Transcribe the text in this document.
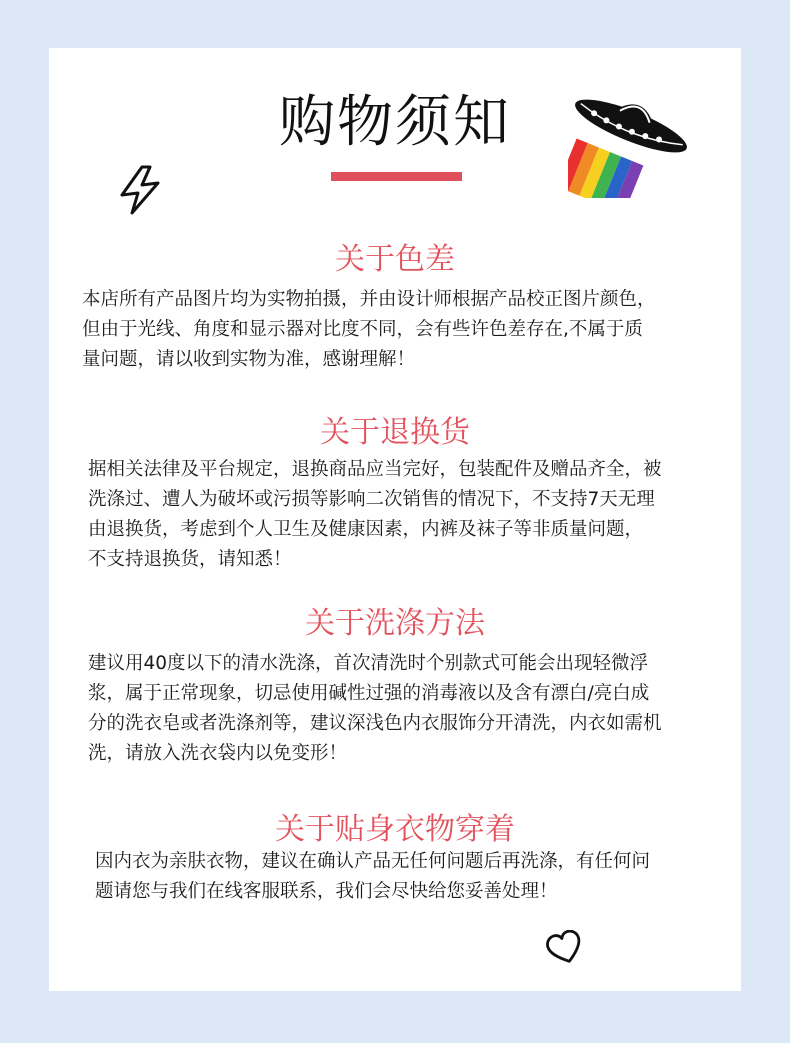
购物须知
关于色差
本店所有产品图片均为实物拍摄，并由设计师根据产品校正图片颜色，
但由于光线、角度和显示器对比度不同，会有些许色差存在,不属于质
量问题，请以收到实物为准，感谢理解！
关于退换货
据相关法律及平台规定，退换商品应当完好，包装配件及赠品齐全，被
洗涤过、遭人为破坏或污损等影响二次销售的情况下，不支持7天无理
由退换货，考虑到个人卫生及健康因素，内裤及袜子等非质量问题，
不支持退换货，请知悉！
关于洗涤方法
建议用40度以下的清水洗涤，首次清洗时个别款式可能会出现轻微浮
浆，属于正常现象，切忌使用碱性过强的消毒液以及含有漂白/亮白成
分的洗衣皂或者洗涤剂等，建议深浅色内衣服饰分开清洗，内衣如需机
洗，请放入洗衣袋内以免变形！
关于贴身衣物穿着
因内衣为亲肤衣物，建议在确认产品无任何问题后再洗涤，有任何问
题请您与我们在线客服联系，我们会尽快给您妥善处理！
